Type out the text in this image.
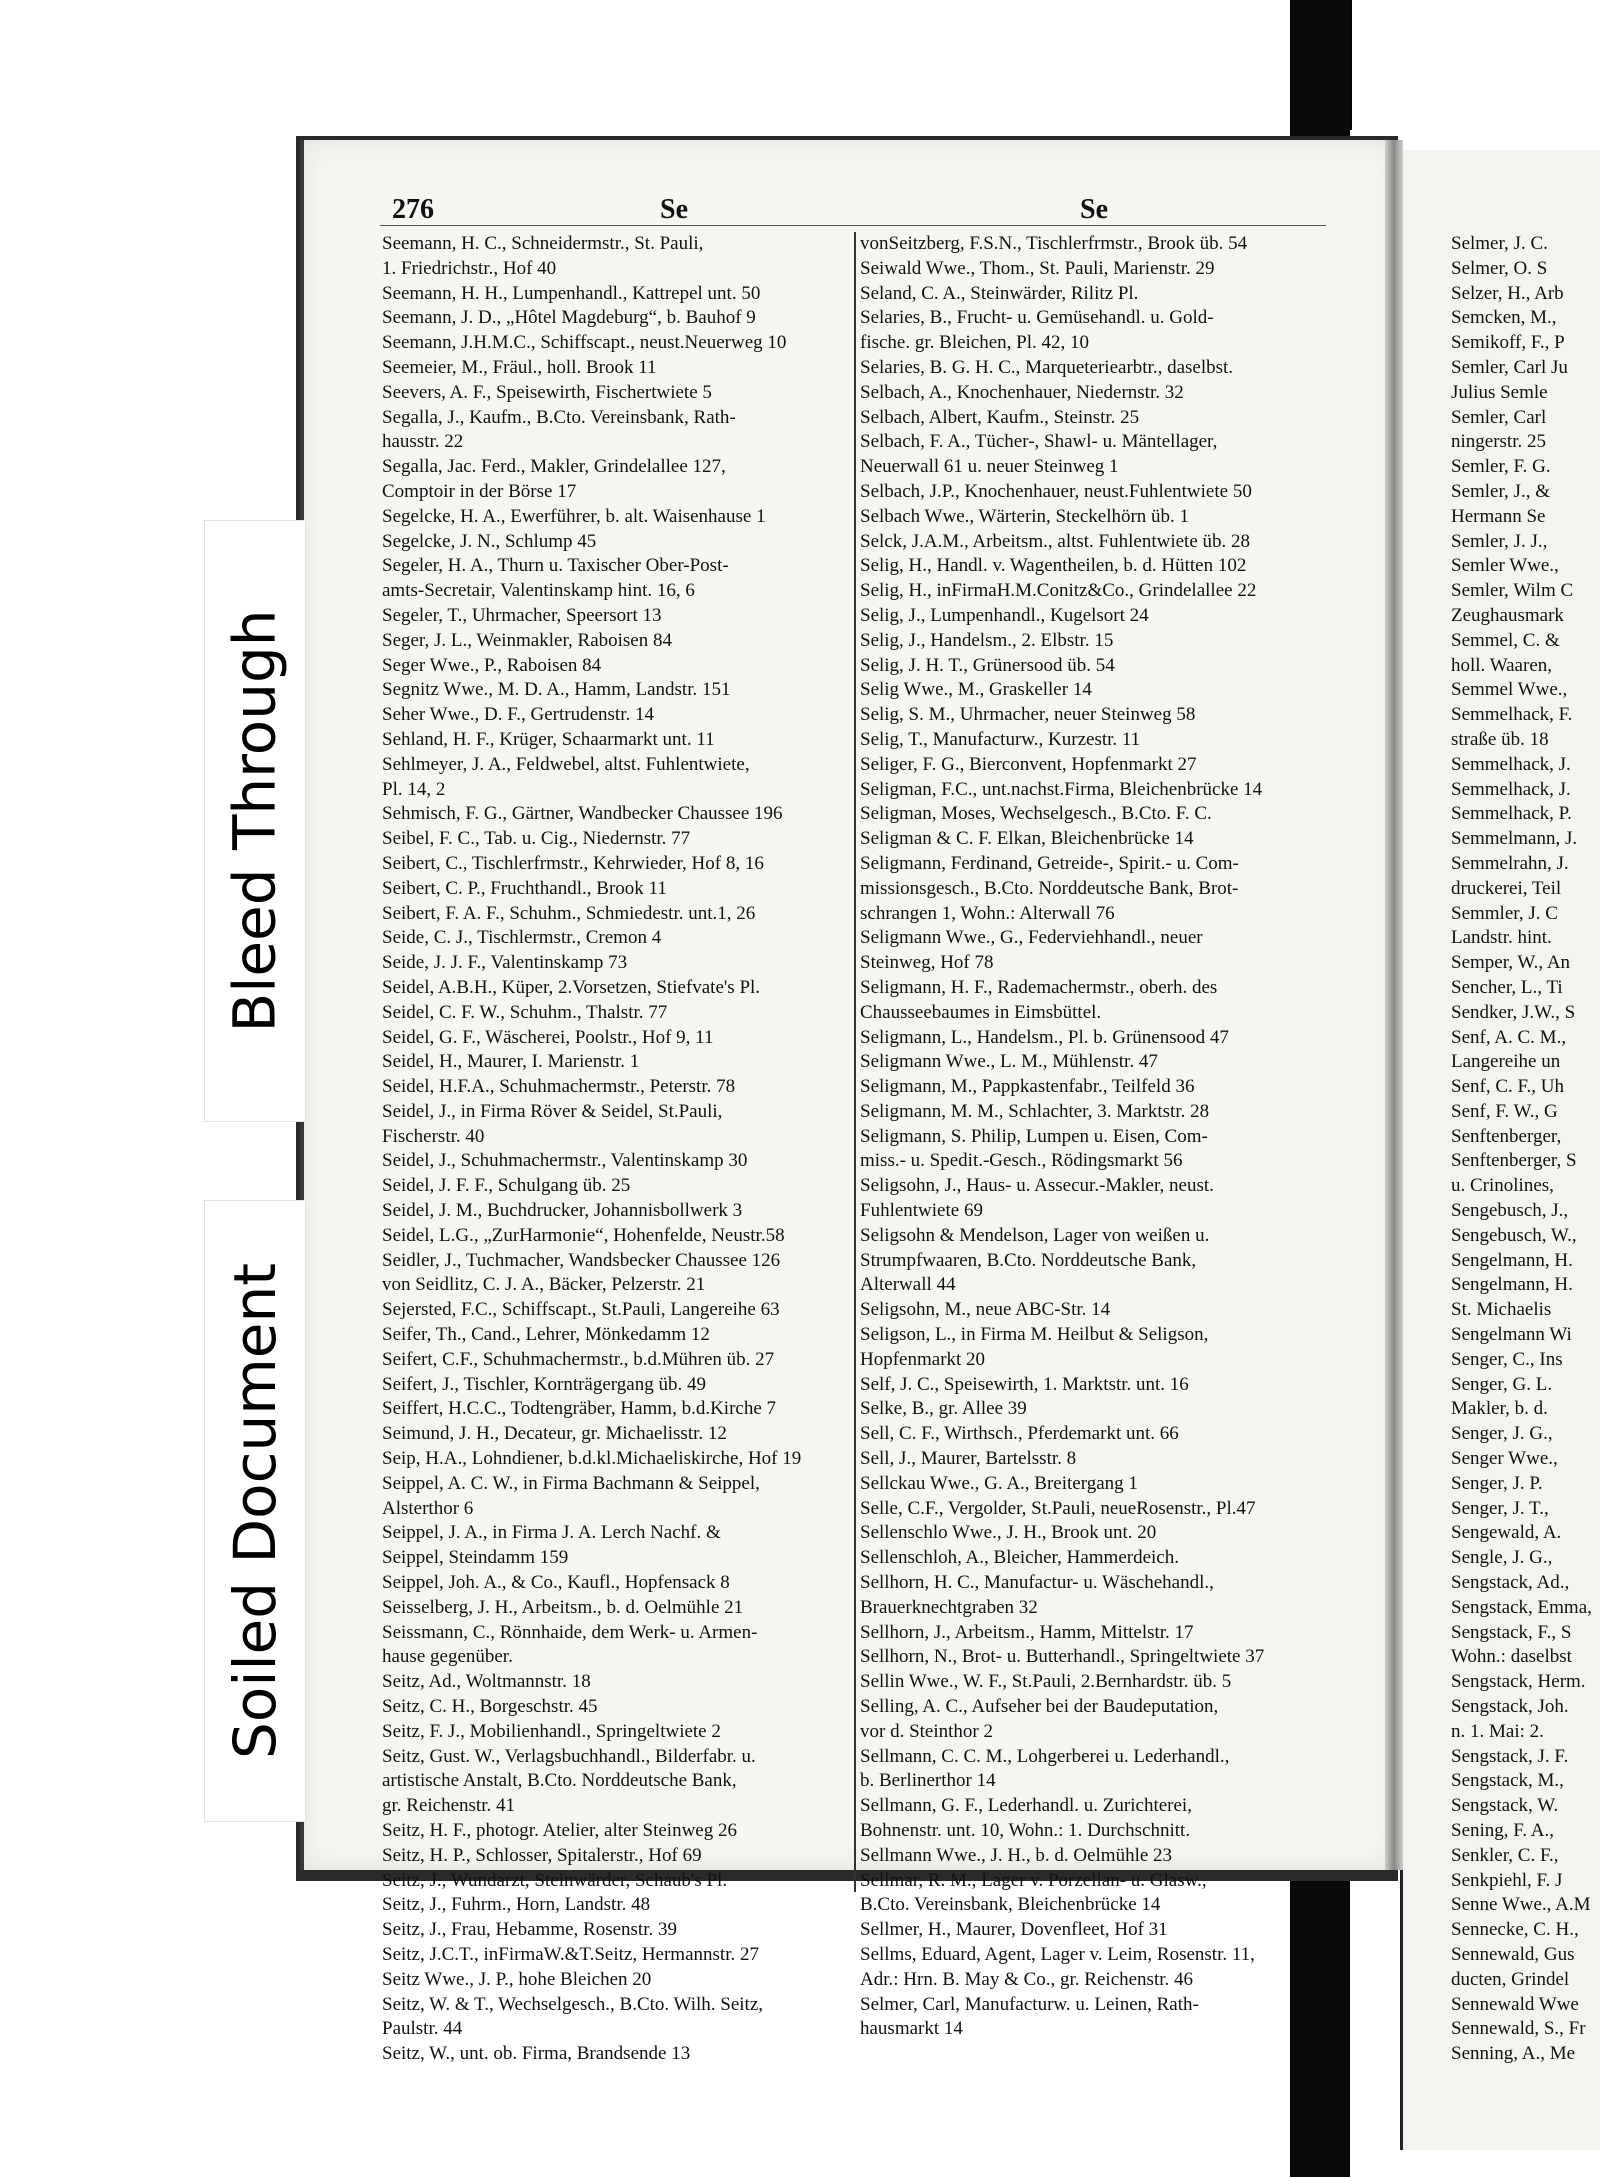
Selmer, J. C.
Selmer, O. S
Selzer, H., Arb
Semcken, M.,
Semikoff, F., P
Semler, Carl Ju
Julius Semle
Semler, Carl
ningerstr. 25
Semler, F. G.
Semler, J., &
Hermann Se
Semler, J. J.,
Semler Wwe.,
Semler, Wilm C
Zeughausmark
Semmel, C. &
holl. Waaren,
Semmel Wwe.,
Semmelhack, F.
straße üb. 18
Semmelhack, J.
Semmelhack, J.
Semmelhack, P.
Semmelmann, J.
Semmelrahn, J.
druckerei, Teil
Semmler, J. C
Landstr. hint.
Semper, W., An
Sencher, L., Ti
Sendker, J.W., S
Senf, A. C. M.,
Langereihe un
Senf, C. F., Uh
Senf, F. W., G
Senftenberger,
Senftenberger, S
u. Crinolines,
Sengebusch, J.,
Sengebusch, W.,
Sengelmann, H.
Sengelmann, H.
St. Michaelis
Sengelmann Wi
Senger, C., Ins
Senger, G. L.
Makler, b. d.
Senger, J. G.,
Senger Wwe.,
Senger, J. P.
Senger, J. T.,
Sengewald, A.
Sengle, J. G.,
Sengstack, Ad.,
Sengstack, Emma,
Sengstack, F., S
Wohn.: daselbst
Sengstack, Herm.
Sengstack, Joh.
n. 1. Mai: 2.
Sengstack, J. F.
Sengstack, M.,
Sengstack, W.
Sening, F. A.,
Senkler, C. F.,
Senkpiehl, F. J
Senne Wwe., A.M
Sennecke, C. H.,
Sennewald, Gus
ducten, Grindel
Sennewald Wwe
Sennewald, S., Fr
Senning, A., Me
276	Se	Se
Seemann, H. C., Schneidermstr., St. Pauli,
1. Friedrichstr., Hof 40
Seemann, H. H., Lumpenhandl., Kattrepel unt. 50
Seemann, J. D., „Hôtel Magdeburg“, b. Bauhof 9
Seemann, J.H.M.C., Schiffscapt., neust.Neuerweg 10
Seemeier, M., Fräul., holl. Brook 11
Seevers, A. F., Speisewirth, Fischertwiete 5
Segalla, J., Kaufm., B.Cto. Vereinsbank, Rath-
hausstr. 22
Segalla, Jac. Ferd., Makler, Grindelallee 127,
Comptoir in der Börse 17
Segelcke, H. A., Ewerführer, b. alt. Waisenhause 1
Segelcke, J. N., Schlump 45
Segeler, H. A., Thurn u. Taxischer Ober-Post-
amts-Secretair, Valentinskamp hint. 16, 6
Segeler, T., Uhrmacher, Speersort 13
Seger, J. L., Weinmakler, Raboisen 84
Seger Wwe., P., Raboisen 84
Segnitz Wwe., M. D. A., Hamm, Landstr. 151
Seher Wwe., D. F., Gertrudenstr. 14
Sehland, H. F., Krüger, Schaarmarkt unt. 11
Sehlmeyer, J. A., Feldwebel, altst. Fuhlentwiete,
Pl. 14, 2
Sehmisch, F. G., Gärtner, Wandbecker Chaussee 196
Seibel, F. C., Tab. u. Cig., Niedernstr. 77
Seibert, C., Tischlerfrmstr., Kehrwieder, Hof 8, 16
Seibert, C. P., Fruchthandl., Brook 11
Seibert, F. A. F., Schuhm., Schmiedestr. unt.1, 26
Seide, C. J., Tischlermstr., Cremon 4
Seide, J. J. F., Valentinskamp 73
Seidel, A.B.H., Küper, 2.Vorsetzen, Stiefvate's Pl.
Seidel, C. F. W., Schuhm., Thalstr. 77
Seidel, G. F., Wäscherei, Poolstr., Hof 9, 11
Seidel, H., Maurer, I. Marienstr. 1
Seidel, H.F.A., Schuhmachermstr., Peterstr. 78
Seidel, J., in Firma Röver & Seidel, St.Pauli,
Fischerstr. 40
Seidel, J., Schuhmachermstr., Valentinskamp 30
Seidel, J. F. F., Schulgang üb. 25
Seidel, J. M., Buchdrucker, Johannisbollwerk 3
Seidel, L.G., „ZurHarmonie“, Hohenfelde, Neustr.58
Seidler, J., Tuchmacher, Wandsbecker Chaussee 126
von Seidlitz, C. J. A., Bäcker, Pelzerstr. 21
Sejersted, F.C., Schiffscapt., St.Pauli, Langereihe 63
Seifer, Th., Cand., Lehrer, Mönkedamm 12
Seifert, C.F., Schuhmachermstr., b.d.Mühren üb. 27
Seifert, J., Tischler, Kornträgergang üb. 49
Seiffert, H.C.C., Todtengräber, Hamm, b.d.Kirche 7
Seimund, J. H., Decateur, gr. Michaelisstr. 12
Seip, H.A., Lohndiener, b.d.kl.Michaeliskirche, Hof 19
Seippel, A. C. W., in Firma Bachmann & Seippel,
Alsterthor 6
Seippel, J. A., in Firma J. A. Lerch Nachf. &
Seippel, Steindamm 159
Seippel, Joh. A., & Co., Kaufl., Hopfensack 8
Seisselberg, J. H., Arbeitsm., b. d. Oelmühle 21
Seissmann, C., Rönnhaide, dem Werk- u. Armen-
hause gegenüber.
Seitz, Ad., Woltmannstr. 18
Seitz, C. H., Borgeschstr. 45
Seitz, F. J., Mobilienhandl., Springeltwiete 2
Seitz, Gust. W., Verlagsbuchhandl., Bilderfabr. u.
artistische Anstalt, B.Cto. Norddeutsche Bank,
gr. Reichenstr. 41
Seitz, H. F., photogr. Atelier, alter Steinweg 26
Seitz, H. P., Schlosser, Spitalerstr., Hof 69
Seitz, J., Wundarzt, Steinwärder, Schaub's Pl.
Seitz, J., Fuhrm., Horn, Landstr. 48
Seitz, J., Frau, Hebamme, Rosenstr. 39
Seitz, J.C.T., inFirmaW.&T.Seitz, Hermannstr. 27
Seitz Wwe., J. P., hohe Bleichen 20
Seitz, W. & T., Wechselgesch., B.Cto. Wilh. Seitz,
Paulstr. 44
Seitz, W., unt. ob. Firma, Brandsende 13
vonSeitzberg, F.S.N., Tischlerfrmstr., Brook üb. 54
Seiwald Wwe., Thom., St. Pauli, Marienstr. 29
Seland, C. A., Steinwärder, Rilitz Pl.
Selaries, B., Frucht- u. Gemüsehandl. u. Gold-
fische. gr. Bleichen, Pl. 42, 10
Selaries, B. G. H. C., Marqueteriearbtr., daselbst.
Selbach, A., Knochenhauer, Niedernstr. 32
Selbach, Albert, Kaufm., Steinstr. 25
Selbach, F. A., Tücher-, Shawl- u. Mäntellager,
Neuerwall 61 u. neuer Steinweg 1
Selbach, J.P., Knochenhauer, neust.Fuhlentwiete 50
Selbach Wwe., Wärterin, Steckelhörn üb. 1
Selck, J.A.M., Arbeitsm., altst. Fuhlentwiete üb. 28
Selig, H., Handl. v. Wagentheilen, b. d. Hütten 102
Selig, H., inFirmaH.M.Conitz&Co., Grindelallee 22
Selig, J., Lumpenhandl., Kugelsort 24
Selig, J., Handelsm., 2. Elbstr. 15
Selig, J. H. T., Grünersood üb. 54
Selig Wwe., M., Graskeller 14
Selig, S. M., Uhrmacher, neuer Steinweg 58
Selig, T., Manufacturw., Kurzestr. 11
Seliger, F. G., Bierconvent, Hopfenmarkt 27
Seligman, F.C., unt.nachst.Firma, Bleichenbrücke 14
Seligman, Moses, Wechselgesch., B.Cto. F. C.
Seligman & C. F. Elkan, Bleichenbrücke 14
Seligmann, Ferdinand, Getreide-, Spirit.- u. Com-
missionsgesch., B.Cto. Norddeutsche Bank, Brot-
schrangen 1, Wohn.: Alterwall 76
Seligmann Wwe., G., Federviehhandl., neuer
Steinweg, Hof 78
Seligmann, H. F., Rademachermstr., oberh. des
Chausseebaumes in Eimsbüttel.
Seligmann, L., Handelsm., Pl. b. Grünensood 47
Seligmann Wwe., L. M., Mühlenstr. 47
Seligmann, M., Pappkastenfabr., Teilfeld 36
Seligmann, M. M., Schlachter, 3. Marktstr. 28
Seligmann, S. Philip, Lumpen u. Eisen, Com-
miss.- u. Spedit.-Gesch., Rödingsmarkt 56
Seligsohn, J., Haus- u. Assecur.-Makler, neust.
Fuhlentwiete 69
Seligsohn & Mendelson, Lager von weißen u.
Strumpfwaaren, B.Cto. Norddeutsche Bank,
Alterwall 44
Seligsohn, M., neue ABC-Str. 14
Seligson, L., in Firma M. Heilbut & Seligson,
Hopfenmarkt 20
Self, J. C., Speisewirth, 1. Marktstr. unt. 16
Selke, B., gr. Allee 39
Sell, C. F., Wirthsch., Pferdemarkt unt. 66
Sell, J., Maurer, Bartelsstr. 8
Sellckau Wwe., G. A., Breitergang 1
Selle, C.F., Vergolder, St.Pauli, neueRosenstr., Pl.47
Sellenschlo Wwe., J. H., Brook unt. 20
Sellenschloh, A., Bleicher, Hammerdeich.
Sellhorn, H. C., Manufactur- u. Wäschehandl.,
Brauerknechtgraben 32
Sellhorn, J., Arbeitsm., Hamm, Mittelstr. 17
Sellhorn, N., Brot- u. Butterhandl., Springeltwiete 37
Sellin Wwe., W. F., St.Pauli, 2.Bernhardstr. üb. 5
Selling, A. C., Aufseher bei der Baudeputation,
vor d. Steinthor 2
Sellmann, C. C. M., Lohgerberei u. Lederhandl.,
b. Berlinerthor 14
Sellmann, G. F., Lederhandl. u. Zurichterei,
Bohnenstr. unt. 10, Wohn.: 1. Durchschnitt.
Sellmann Wwe., J. H., b. d. Oelmühle 23
Sellmar, R. M., Lager v. Porzellan- u. Glasw.,
B.Cto. Vereinsbank, Bleichenbrücke 14
Sellmer, H., Maurer, Dovenfleet, Hof 31
Sellms, Eduard, Agent, Lager v. Leim, Rosenstr. 11,
Adr.: Hrn. B. May & Co., gr. Reichenstr. 46
Selmer, Carl, Manufacturw. u. Leinen, Rath-
hausmarkt 14
Bleed Through
Soiled Document
